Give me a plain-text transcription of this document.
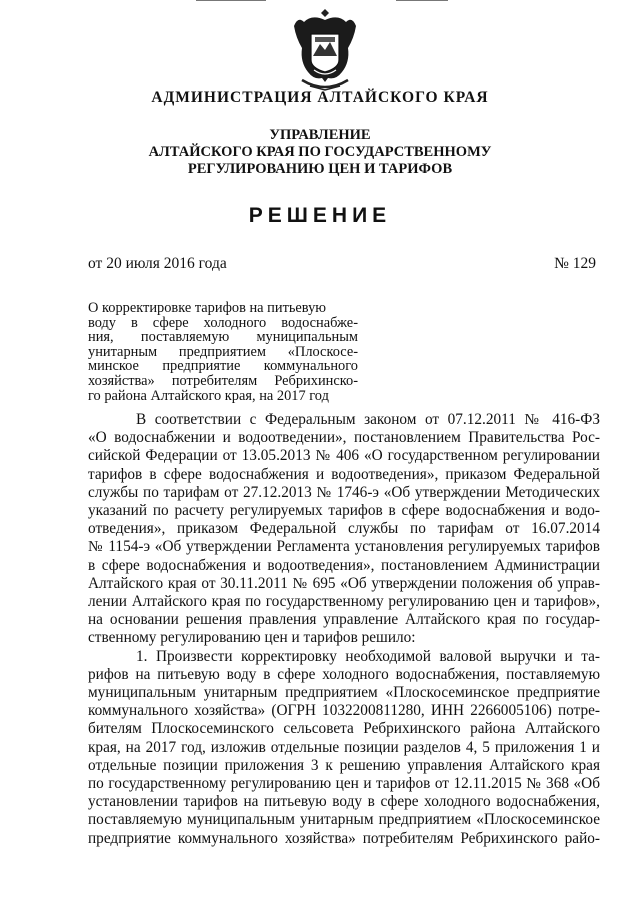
АДМИНИСТРАЦИЯ АЛТАЙСКОГО КРАЯ
УПРАВЛЕНИЕ
АЛТАЙСКОГО КРАЯ ПО ГОСУДАРСТВЕННОМУ
РЕГУЛИРОВАНИЮ ЦЕН И ТАРИФОВ
РЕШЕНИЕ
от 20 июля 2016 года	№ 129
О корректировке тарифов на питьевую
воду в сфере холодного водоснабже-
ния, поставляемую муниципальным
унитарным предприятием «Плоскосе-
минское предприятие коммунального
хозяйства» потребителям Ребрихинско-
го района Алтайского края, на 2017 год
В соответствии с Федеральным законом от 07.12.2011 № 416-ФЗ
«О водоснабжении и водоотведении», постановлением Правительства Рос-
сийской Федерации от 13.05.2013 № 406 «О государственном регулировании
тарифов в сфере водоснабжения и водоотведения», приказом Федеральной
службы по тарифам от 27.12.2013 № 1746-э «Об утверждении Методических
указаний по расчету регулируемых тарифов в сфере водоснабжения и водо-
отведения», приказом Федеральной службы по тарифам от 16.07.2014
№ 1154-э «Об утверждении Регламента установления регулируемых тарифов
в сфере водоснабжения и водоотведения», постановлением Администрации
Алтайского края от 30.11.2011 № 695 «Об утверждении положения об управ-
лении Алтайского края по государственному регулированию цен и тарифов»,
на основании решения правления управление Алтайского края по государ-
ственному регулированию цен и тарифов решило:
1. Произвести корректировку необходимой валовой выручки и та-
рифов на питьевую воду в сфере холодного водоснабжения, поставляемую
муниципальным унитарным предприятием «Плоскосеминское предприятие
коммунального хозяйства» (ОГРН 1032200811280, ИНН 2266005106) потре-
бителям Плоскосеминского сельсовета Ребрихинского района Алтайского
края, на 2017 год, изложив отдельные позиции разделов 4, 5 приложения 1 и
отдельные позиции приложения 3 к решению управления Алтайского края
по государственному регулированию цен и тарифов от 12.11.2015 № 368 «Об
установлении тарифов на питьевую воду в сфере холодного водоснабжения,
поставляемую муниципальным унитарным предприятием «Плоскосеминское
предприятие коммунального хозяйства» потребителям Ребрихинского райо-
